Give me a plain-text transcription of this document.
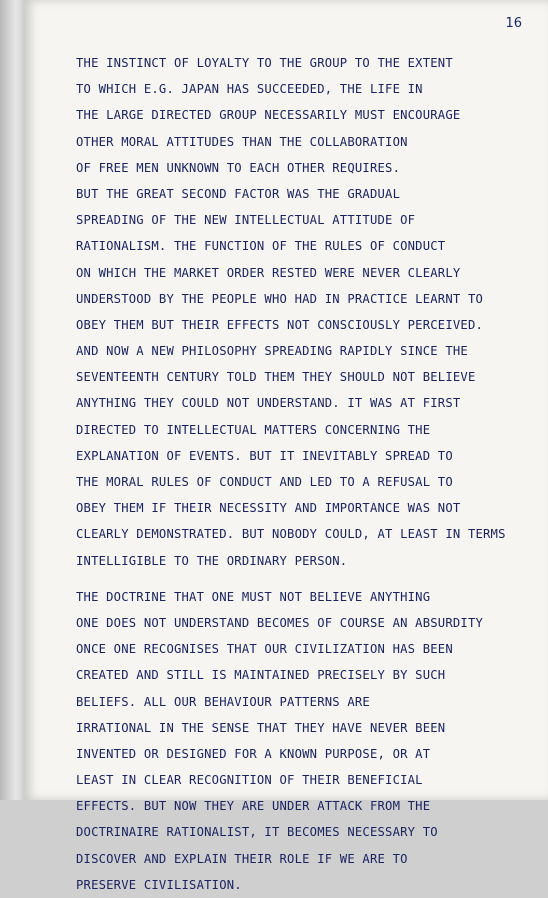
16
THE INSTINCT OF LOYALTY TO THE GROUP TO THE EXTENT
TO WHICH E.G. JAPAN HAS SUCCEEDED, THE LIFE IN
THE LARGE DIRECTED GROUP NECESSARILY MUST ENCOURAGE
OTHER MORAL ATTITUDES THAN THE COLLABORATION
OF FREE MEN UNKNOWN TO EACH OTHER REQUIRES.
BUT THE GREAT SECOND FACTOR WAS THE GRADUAL
SPREADING OF THE NEW INTELLECTUAL ATTITUDE OF
RATIONALISM. THE FUNCTION OF THE RULES OF CONDUCT
ON WHICH THE MARKET ORDER RESTED WERE NEVER CLEARLY
UNDERSTOOD BY THE PEOPLE WHO HAD IN PRACTICE LEARNT TO
OBEY THEM BUT THEIR EFFECTS NOT CONSCIOUSLY PERCEIVED.
AND NOW A NEW PHILOSOPHY SPREADING RAPIDLY SINCE THE
SEVENTEENTH CENTURY TOLD THEM THEY SHOULD NOT BELIEVE
ANYTHING THEY COULD NOT UNDERSTAND. IT WAS AT FIRST
DIRECTED TO INTELLECTUAL MATTERS CONCERNING THE
EXPLANATION OF EVENTS. BUT IT INEVITABLY SPREAD TO
THE MORAL RULES OF CONDUCT AND LED TO A REFUSAL TO
OBEY THEM IF THEIR NECESSITY AND IMPORTANCE WAS NOT
CLEARLY DEMONSTRATED. BUT NOBODY COULD, AT LEAST IN TERMS
INTELLIGIBLE TO THE ORDINARY PERSON.
THE DOCTRINE THAT ONE MUST NOT BELIEVE ANYTHING
ONE DOES NOT UNDERSTAND BECOMES OF COURSE AN ABSURDITY
ONCE ONE RECOGNISES THAT OUR CIVILIZATION HAS BEEN
CREATED AND STILL IS MAINTAINED PRECISELY BY SUCH
BELIEFS. ALL OUR BEHAVIOUR PATTERNS ARE
IRRATIONAL IN THE SENSE THAT THEY HAVE NEVER BEEN
INVENTED OR DESIGNED FOR A KNOWN PURPOSE, OR AT
LEAST IN CLEAR RECOGNITION OF THEIR BENEFICIAL
EFFECTS. BUT NOW THEY ARE UNDER ATTACK FROM THE
DOCTRINAIRE RATIONALIST, IT BECOMES NECESSARY TO
DISCOVER AND EXPLAIN THEIR ROLE IF WE ARE TO
PRESERVE CIVILISATION.
